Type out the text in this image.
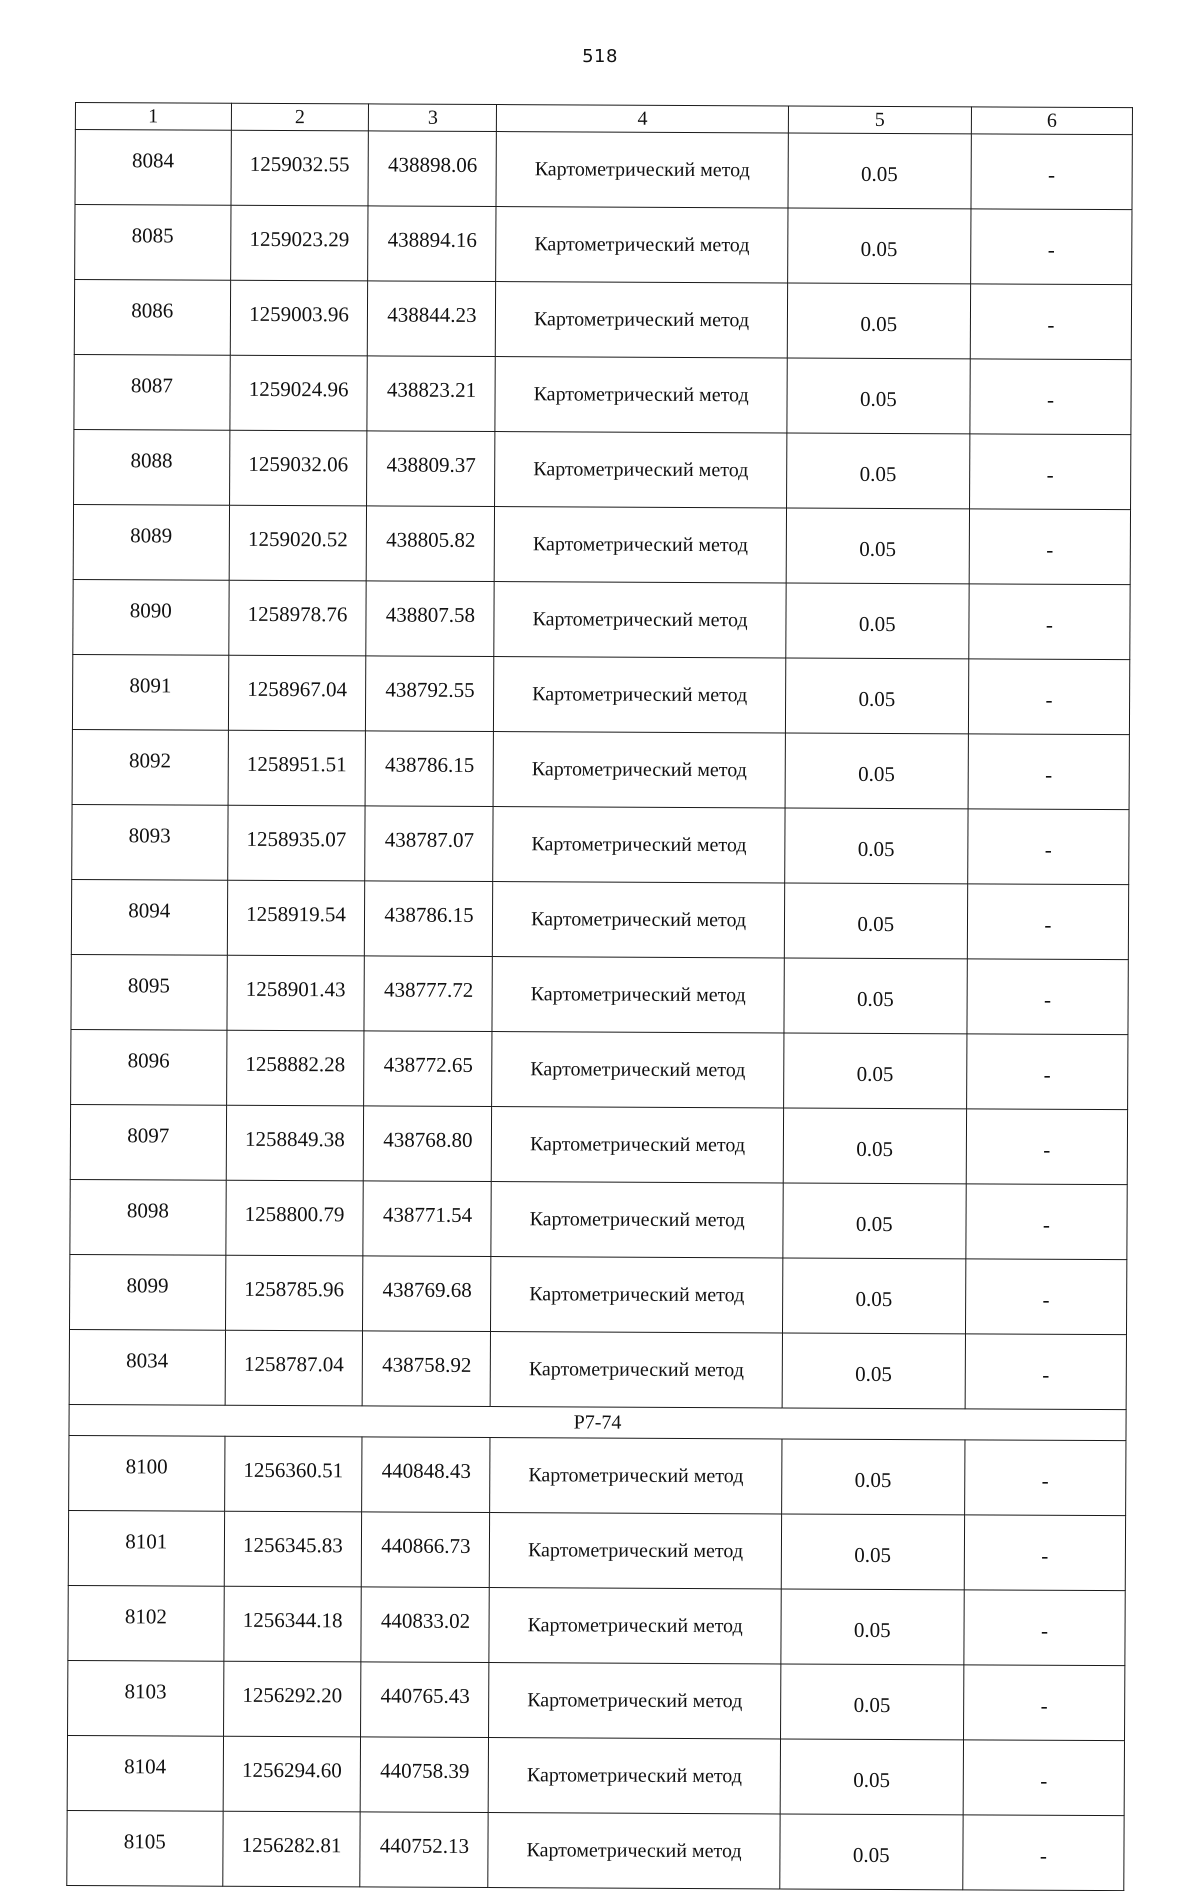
518
1	2	3	4	5	6
8084	1259032.55	438898.06	Картометрический метод	0.05	-
8085	1259023.29	438894.16	Картометрический метод	0.05	-
8086	1259003.96	438844.23	Картометрический метод	0.05	-
8087	1259024.96	438823.21	Картометрический метод	0.05	-
8088	1259032.06	438809.37	Картометрический метод	0.05	-
8089	1259020.52	438805.82	Картометрический метод	0.05	-
8090	1258978.76	438807.58	Картометрический метод	0.05	-
8091	1258967.04	438792.55	Картометрический метод	0.05	-
8092	1258951.51	438786.15	Картометрический метод	0.05	-
8093	1258935.07	438787.07	Картометрический метод	0.05	-
8094	1258919.54	438786.15	Картометрический метод	0.05	-
8095	1258901.43	438777.72	Картометрический метод	0.05	-
8096	1258882.28	438772.65	Картометрический метод	0.05	-
8097	1258849.38	438768.80	Картометрический метод	0.05	-
8098	1258800.79	438771.54	Картометрический метод	0.05	-
8099	1258785.96	438769.68	Картометрический метод	0.05	-
8034	1258787.04	438758.92	Картометрический метод	0.05	-
Р7-74					
8100	1256360.51	440848.43	Картометрический метод	0.05	-
8101	1256345.83	440866.73	Картометрический метод	0.05	-
8102	1256344.18	440833.02	Картометрический метод	0.05	-
8103	1256292.20	440765.43	Картометрический метод	0.05	-
8104	1256294.60	440758.39	Картометрический метод	0.05	-
8105	1256282.81	440752.13	Картометрический метод	0.05	-
